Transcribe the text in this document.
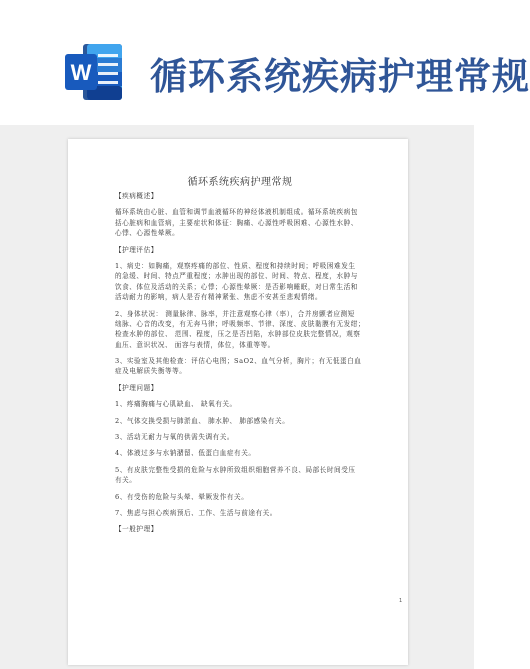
W 循环系统疾病护理常规
循环系统疾病护理常规
【疾病概述】
循环系统由心脏、血管和调节血液循环的神经体液机制组成。循环系统疾病包
括心脏病和血管病，主要症状和体征：胸痛、心源性呼吸困难、心源性水肿、
心悸、心源性晕厥。
【护理评估】
1、病史：如胸痛，观察疼痛的部位、性质、程度和持续时间；呼吸困难发生
的急缓、时间、特点严重程度；水肿出现的部位、时间、特点、程度，水肿与
饮食、体位及活动的关系；心悸；心源性晕厥：是否影响睡眠，对日常生活和
活动耐力的影响，病人是否有精神紧张、焦虑不安甚至悲观情绪。
2、身体状况： 测量脉律、脉率，并注意观察心律（率），合并房颤者应测短
绌脉、心音的改变，有无奔马律；呼吸频率、节律、深度、皮肤黏膜有无发绀；
检查水肿的部位、 范围、程度，压之是否凹陷，水肿部位皮肤完整情况，观察
血压、意识状况、 面容与表情，体位，体重等等。
3、实验室及其他检查：评估心电图；SaO2、血气分析，胸片；有无低蛋白血
症及电解质失衡等等。
【护理问题】
1、疼痛胸痛与心肌缺血、 缺氧有关。
2、气体交换受损与肺淤血、 肺水肿、 肺部感染有关。
3、活动无耐力与氧的供需失调有关。
4、体液过多与水钠潴留、低蛋白血症有关。
5、有皮肤完整性受损的危险与水肿所致组织细胞营养不良、局部长时间受压
有关。
6、有受伤的危险与头晕、晕厥发作有关。
7、焦虑与担心疾病预后、工作、生活与前途有关。
【一般护理】
1
